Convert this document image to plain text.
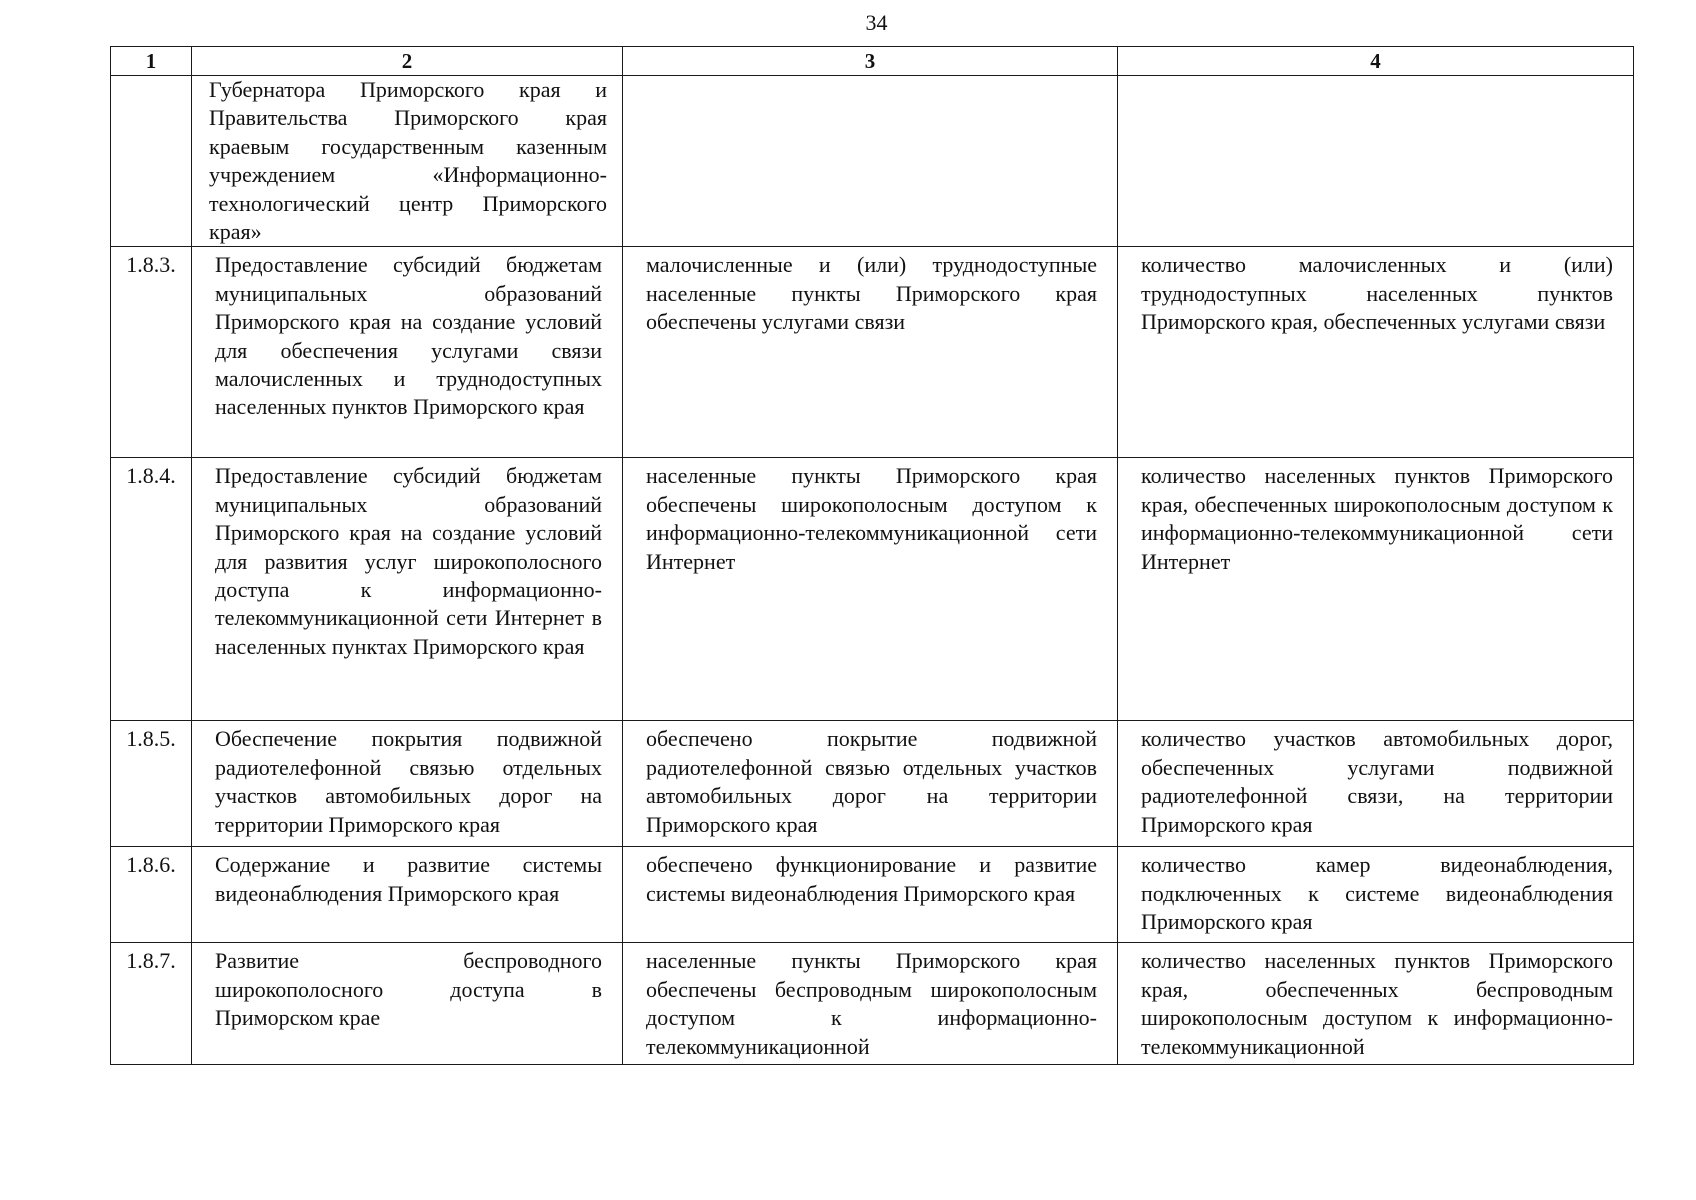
34
1	2	3	4
	Губернатора Приморского края и Правительства Приморского края краевым государственным казенным учреждением «Информационно-технологический центр Приморского края»		
1.8.3.	Предоставление субсидий бюджетам муниципальных образований Приморского края на создание условий для обеспечения услугами связи малочисленных и труднодоступных населенных пунктов Приморского края	малочисленные и (или) труднодоступные населенные пункты Приморского края обеспечены услугами связи	количество малочисленных и (или) труднодоступных населенных пунктов Приморского края, обеспеченных услугами связи
1.8.4.	Предоставление субсидий бюджетам муниципальных образований Приморского края на создание условий для развития услуг широкополосного доступа к информационно-телекоммуникационной сети Интернет в населенных пунктах Приморского края	населенные пункты Приморского края обеспечены широкополосным доступом к информационно-телекоммуникационной сети Интернет	количество населенных пунктов Приморского края, обеспеченных широкополосным доступом к информационно-телекоммуникационной сети Интернет
1.8.5.	Обеспечение покрытия подвижной радиотелефонной связью отдельных участков автомобильных дорог на территории Приморского края	обеспечено покрытие подвижной радиотелефонной связью отдельных участков автомобильных дорог на территории Приморского края	количество участков автомобильных дорог, обеспеченных услугами подвижной радиотелефонной связи, на территории Приморского края
1.8.6.	Содержание и развитие системы видеонаблюдения Приморского края	обеспечено функционирование и развитие системы видеонаблюдения Приморского края	количество камер видеонаблюдения, подключенных к системе видеонаблюдения Приморского края
1.8.7.	Развитие беспроводного широкополосного доступа в Приморском крае	населенные пункты Приморского края обеспечены беспроводным широкополосным доступом к информационно-телекоммуникационной	количество населенных пунктов Приморского края, обеспеченных беспроводным широкополосным доступом к информационно-телекоммуникационной
